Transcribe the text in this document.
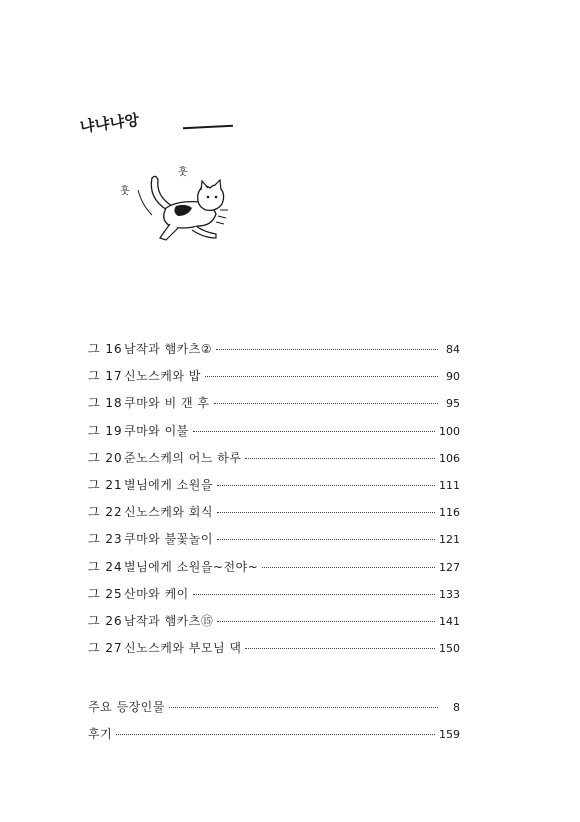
냐냐냐앙
훗
훗
그 16 남작과 햄카츠②	84
그 17 신노스케와 밥	90
그 18 쿠마와 비 갠 후	95
그 19 쿠마와 이불	100
그 20 준노스케의 어느 하루	106
그 21 별님에게 소원을	111
그 22 신노스케와 회식	116
그 23 쿠마와 불꽃놀이	121
그 24 별님에게 소원을~전야~	127
그 25 산마와 케이	133
그 26 남작과 햄카츠⑮	141
그 27 신노스케와 부모님 댁	150
주요 등장인물	8
후기	159
